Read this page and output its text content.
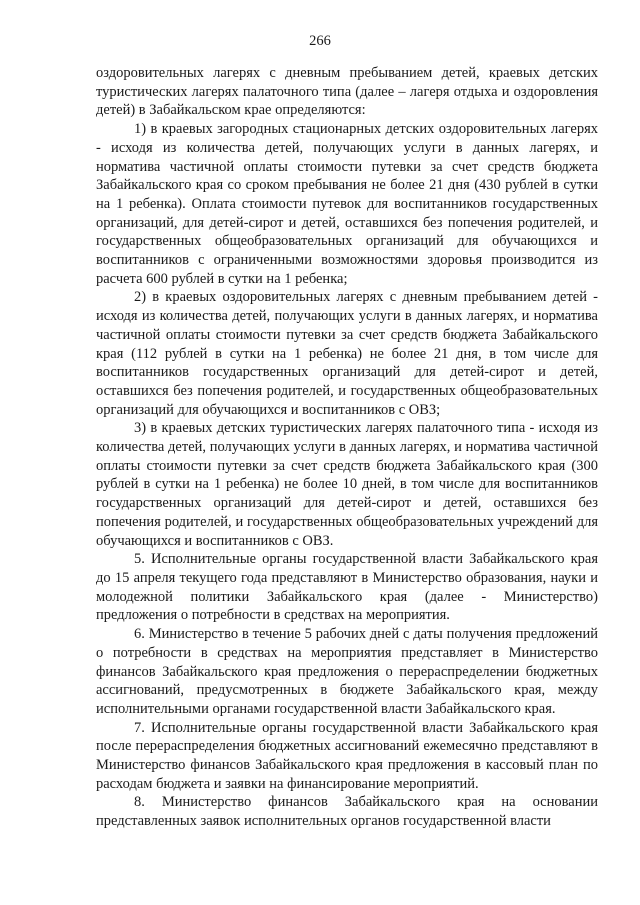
266

оздоровительных лагерях с дневным пребыванием детей, краевых детских туристических лагерях палаточного типа (далее – лагеря отдыха и оздоровления детей) в Забайкальском крае определяются:

1) в краевых загородных стационарных детских оздоровительных лагерях - исходя из количества детей, получающих услуги в данных лагерях, и норматива частичной оплаты стоимости путевки за счет средств бюджета Забайкальского края со сроком пребывания не более 21 дня (430 рублей в сутки на 1 ребенка). Оплата стоимости путевок для воспитанников государственных организаций, для детей-сирот и детей, оставшихся без попечения родителей, и государственных общеобразовательных организаций для обучающихся и воспитанников с ограниченными возможностями здоровья производится из расчета 600 рублей в сутки на 1 ребенка;

2) в краевых оздоровительных лагерях с дневным пребыванием детей - исходя из количества детей, получающих услуги в данных лагерях, и норматива частичной оплаты стоимости путевки за счет средств бюджета Забайкальского края (112 рублей в сутки на 1 ребенка) не более 21 дня, в том числе для воспитанников государственных организаций для детей-сирот и детей, оставшихся без попечения родителей, и государственных общеобразовательных организаций для обучающихся и воспитанников с ОВЗ;

3) в краевых детских туристических лагерях палаточного типа - исходя из количества детей, получающих услуги в данных лагерях, и норматива частичной оплаты стоимости путевки за счет средств бюджета Забайкальского края (300 рублей в сутки на 1 ребенка) не более 10 дней, в том числе для воспитанников государственных организаций для детей-сирот и детей, оставшихся без попечения родителей, и государственных общеобразовательных учреждений для обучающихся и воспитанников с ОВЗ.

5. Исполнительные органы государственной власти Забайкальского края до 15 апреля текущего года представляют в Министерство образования, науки и молодежной политики Забайкальского края (далее - Министерство) предложения о потребности в средствах на мероприятия.

6. Министерство в течение 5 рабочих дней с даты получения предложений о потребности в средствах на мероприятия представляет в Министерство финансов Забайкальского края предложения о перераспределении бюджетных ассигнований, предусмотренных в бюджете Забайкальского края, между исполнительными органами государственной власти Забайкальского края.

7. Исполнительные органы государственной власти Забайкальского края после перераспределения бюджетных ассигнований ежемесячно представляют в Министерство финансов Забайкальского края предложения в кассовый план по расходам бюджета и заявки на финансирование мероприятий.

8. Министерство финансов Забайкальского края на основании представленных заявок исполнительных органов государственной власти
